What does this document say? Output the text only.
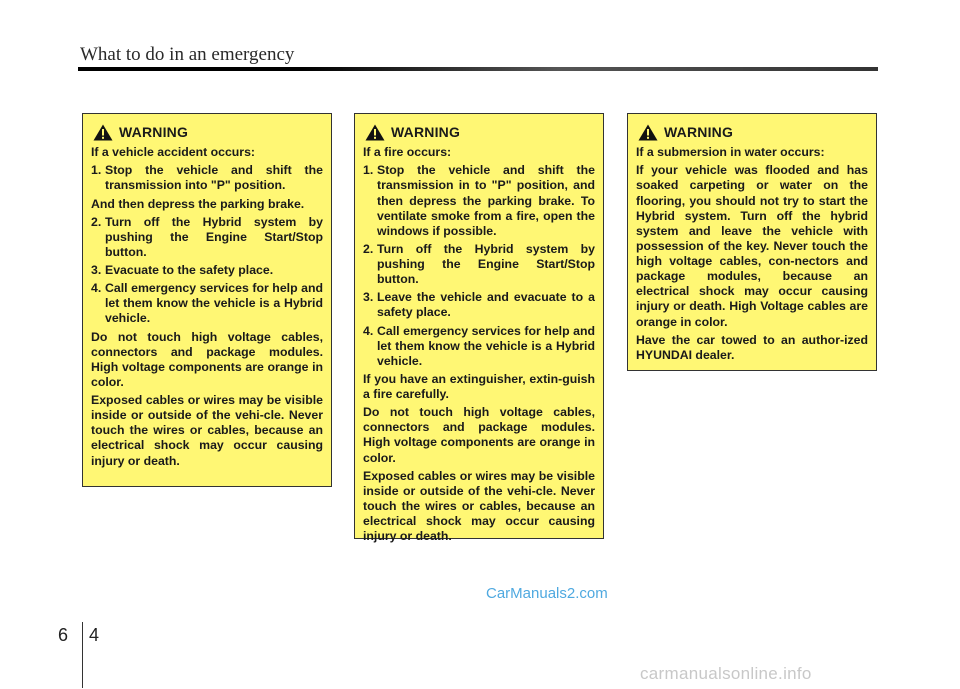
What to do in an emergency
WARNING

If a vehicle accident occurs:

1. Stop the vehicle and shift the transmission into "P" position.

And then depress the parking brake.

2. Turn off the Hybrid system by pushing the Engine Start/Stop button.
3. Evacuate to the safety place.
4. Call emergency services for help and let them know the vehicle is a Hybrid vehicle.

Do not touch high voltage cables, connectors and package modules. High voltage components are orange in color.

Exposed cables or wires may be visible inside or outside of the vehi-cle. Never touch the wires or cables, because an electrical shock may occur causing injury or death.

WARNING

If a fire occurs:

1. Stop the vehicle and shift the transmission in to "P" position, and then depress the parking brake. To ventilate smoke from a fire, open the windows if possible.
2. Turn off the Hybrid system by pushing the Engine Start/Stop button.
3. Leave the vehicle and evacuate to a safety place.
4. Call emergency services for help and let them know the vehicle is a Hybrid vehicle.

If you have an extinguisher, extin-guish a fire carefully.

Do not touch high voltage cables, connectors and package modules. High voltage components are orange in color.

Exposed cables or wires may be visible inside or outside of the vehi-cle. Never touch the wires or cables, because an electrical shock may occur causing injury or death.

WARNING

If a submersion in water occurs:

If your vehicle was flooded and has soaked carpeting or water on the flooring, you should not try to start the Hybrid system. Turn off the hybrid system and leave the vehicle with possession of the key. Never touch the high voltage cables, con-nectors and package modules, because an electrical shock may occur causing injury or death. High Voltage cables are orange in color.

Have the car towed to an author-ized HYUNDAI dealer.

CarManuals2.com
6 4
carmanualsonline.info
